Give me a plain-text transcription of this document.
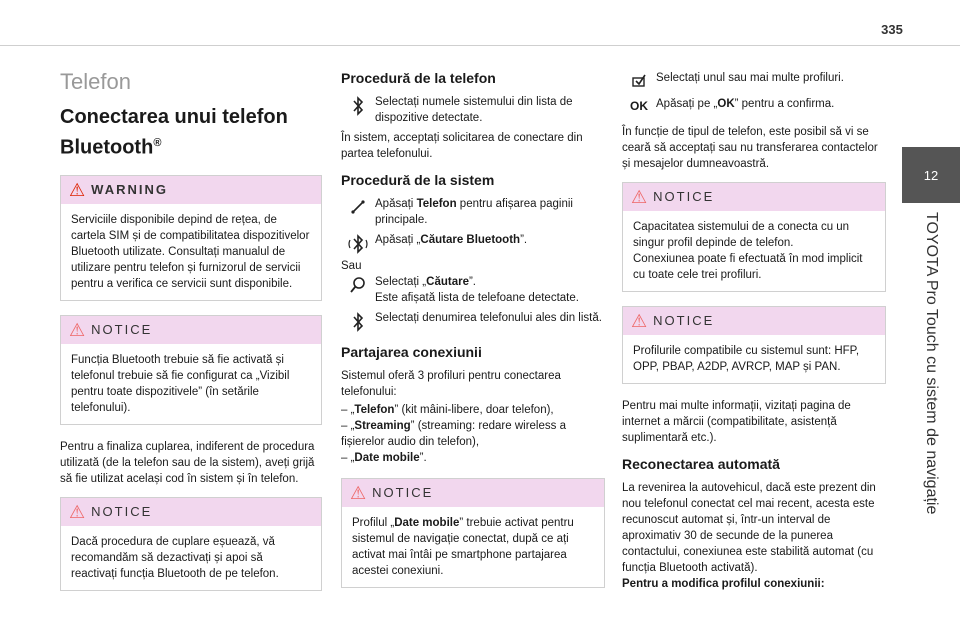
335
12
TOYOTA Pro Touch cu sistem de navigație
Telefon
Conectarea unui telefon
Bluetooth®
⚠ WARNING
Serviciile disponibile depind de rețea, de cartela SIM și de compatibilitatea dispozitivelor Bluetooth utilizate. Consultați manualul de utilizare pentru telefon și furnizorul de servicii pentru a verifica ce servicii sunt disponibile.
⚠ NOTICE
Funcția Bluetooth trebuie să fie activată și telefonul trebuie să fie configurat ca „Vizibil pentru toate dispozitivele” (în setările telefonului).

Pentru a finaliza cuplarea, indiferent de procedura utilizată (de la telefon sau de la sistem), aveți grijă să fie utilizat același cod în sistem și în telefon.

⚠ NOTICE
Dacă procedura de cuplare eșuează, vă recomandăm să dezactivați și apoi să reactivați funcția Bluetooth de pe telefon.
Procedură de la telefon
Selectați numele sistemului din lista de dispozitive detectate.

În sistem, acceptați solicitarea de conectare din partea telefonului.

Procedură de la sistem
Apăsați Telefon pentru afișarea paginii principale.
Apăsați „Căutare Bluetooth”.
Sau
Selectați „Căutare”.
Este afișată lista de telefoane detectate.
Selectați denumirea telefonului ales din listă.
Partajarea conexiunii

Sistemul oferă 3 profiluri pentru conectarea telefonului:

– „Telefon” (kit mâini-libere, doar telefon),
– „Streaming” (streaming: redare wireless a fișierelor audio din telefon),
– „Date mobile”.
⚠ NOTICE
Profilul „Date mobile” trebuie activat pentru sistemul de navigație conectat, după ce ați activat mai întâi pe smartphone partajarea acestei conexiuni.
Selectați unul sau mai multe profiluri.
OK Apăsați pe „OK” pentru a confirma.

În funcție de tipul de telefon, este posibil să vi se ceară să acceptați sau nu transferarea contactelor și mesajelor dumneavoastră.

⚠ NOTICE
Capacitatea sistemului de a conecta cu un singur profil depinde de telefon.
Conexiunea poate fi efectuată în mod implicit cu toate cele trei profiluri.
⚠ NOTICE
Profilurile compatibile cu sistemul sunt: HFP, OPP, PBAP, A2DP, AVRCP, MAP și PAN.

Pentru mai multe informații, vizitați pagina de internet a mărcii (compatibilitate, asistență suplimentară etc.).

Reconectarea automată

La revenirea la autovehicul, dacă este prezent din nou telefonul conectat cel mai recent, acesta este recunoscut automat și, într-un interval de aproximativ 30 de secunde de la punerea contactului, conexiunea este stabilită automat (cu funcția Bluetooth activată).

Pentru a modifica profilul conexiunii:
